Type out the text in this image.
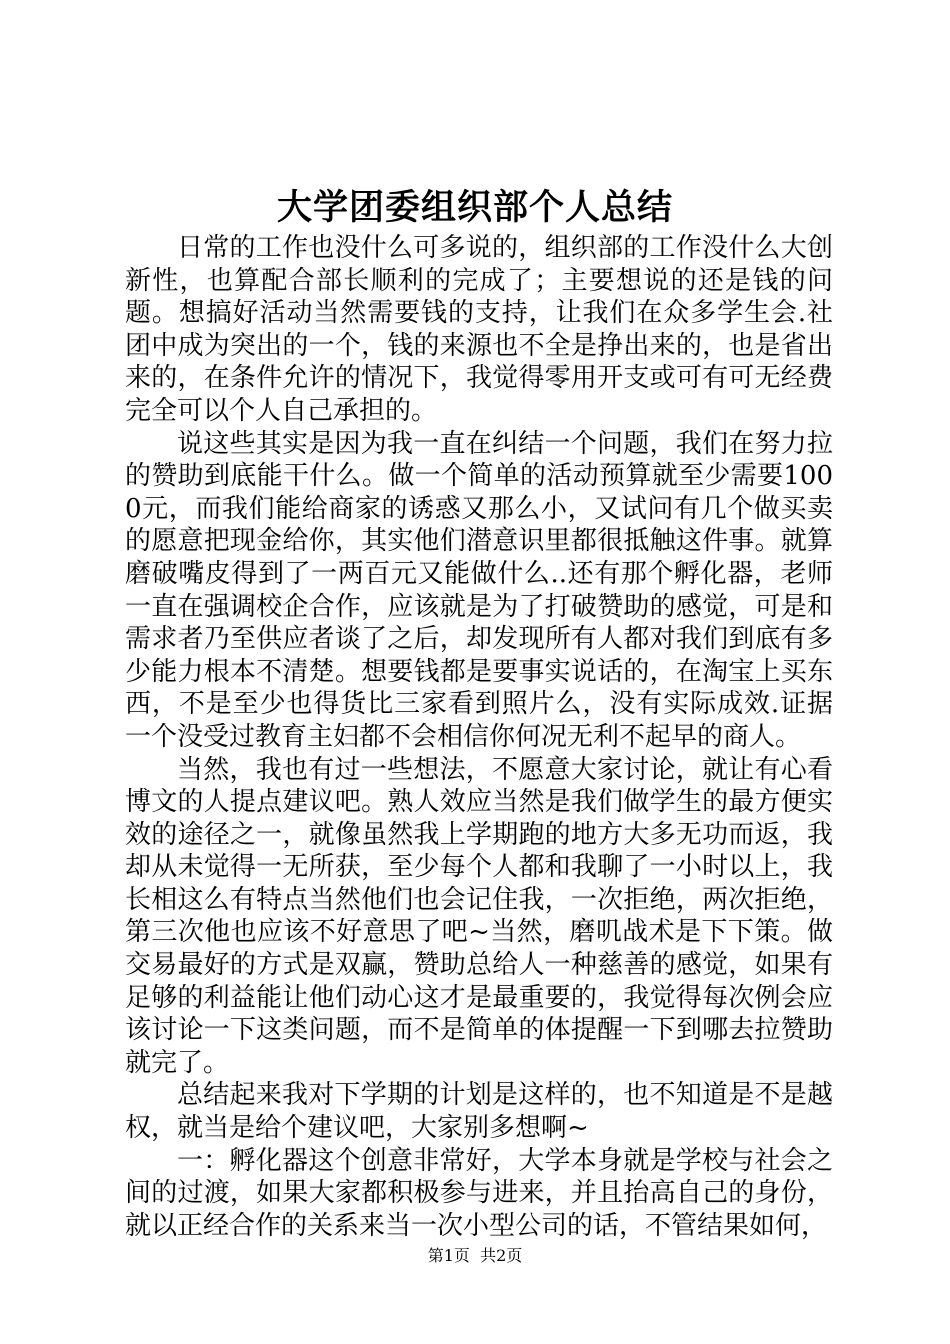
大学团委组织部个人总结

日常的工作也没什么可多说的，组织部的工作没什么大创新性，也算配合部长顺利的完成了；主要想说的还是钱的问题。想搞好活动当然需要钱的支持，让我们在众多学生会.社团中成为突出的一个，钱的来源也不全是挣出来的，也是省出来的，在条件允许的情况下，我觉得零用开支或可有可无经费完全可以个人自己承担的。

说这些其实是因为我一直在纠结一个问题，我们在努力拉的赞助到底能干什么。做一个简单的活动预算就至少需要1000元，而我们能给商家的诱惑又那么小，又试问有几个做买卖的愿意把现金给你，其实他们潜意识里都很抵触这件事。就算磨破嘴皮得到了一两百元又能做什么..还有那个孵化器，老师一直在强调校企合作，应该就是为了打破赞助的感觉，可是和需求者乃至供应者谈了之后，却发现所有人都对我们到底有多少能力根本不清楚。想要钱都是要事实说话的，在淘宝上买东西，不是至少也得货比三家看到照片么，没有实际成效.证据一个没受过教育主妇都不会相信你何况无利不起早的商人。

当然，我也有过一些想法，不愿意大家讨论，就让有心看博文的人提点建议吧。熟人效应当然是我们做学生的最方便实效的途径之一，就像虽然我上学期跑的地方大多无功而返，我却从未觉得一无所获，至少每个人都和我聊了一小时以上，我长相这么有特点当然他们也会记住我，一次拒绝，两次拒绝，第三次他也应该不好意思了吧~当然，磨叽战术是下下策。做交易最好的方式是双赢，赞助总给人一种慈善的感觉，如果有足够的利益能让他们动心这才是最重要的，我觉得每次例会应该讨论一下这类问题，而不是简单的体提醒一下到哪去拉赞助就完了。

总结起来我对下学期的计划是这样的，也不知道是不是越权，就当是给个建议吧，大家别多想啊~

一：孵化器这个创意非常好，大学本身就是学校与社会之间的过渡，如果大家都积极参与进来，并且抬高自己的身份，就以正经合作的关系来当一次小型公司的话，不管结果如何，

第1页 共2页
